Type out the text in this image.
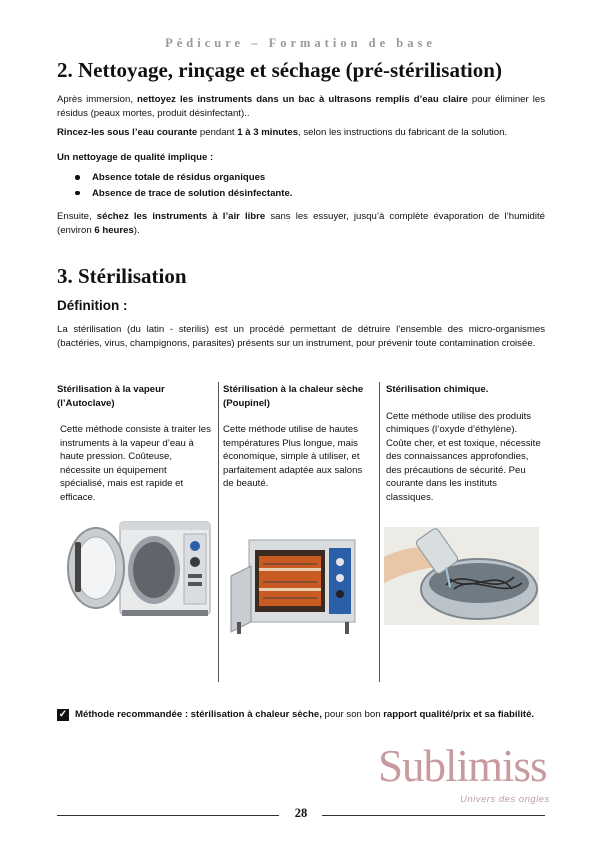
Pédicure – Formation de base
2. Nettoyage, rinçage et séchage (pré-stérilisation)

Après immersion, nettoyez les instruments dans un bac à ultrasons remplis d’eau claire pour éliminer les résidus (peaux mortes, produit désinfectant)..

Rincez-les sous l’eau courante pendant 1 à 3 minutes, selon les instructions du fabricant de la solution.

Un nettoyage de qualité implique :

Absence totale de résidus organiques
Absence de trace de solution désinfectante.

Ensuite, séchez les instruments à l’air libre sans les essuyer, jusqu’à complète évaporation de l’humidité (environ 6 heures).

3. Stérilisation
Définition :

La stérilisation (du latin - sterilis) est un procédé permettant de détruire l’ensemble des micro-organismes (bactéries, virus, champignons, parasites) présents sur un instrument, pour prévenir toute contamination croisée.

Stérilisation à la vapeur (l’Autoclave)
Cette méthode consiste à traiter les instruments à la vapeur d’eau à haute pression. Coûteuse, nécessite un équipement spécialisé, mais est rapide et efficace.
Stérilisation à la chaleur sèche (Poupinel)
Cette méthode utilise de hautes températures Plus longue, mais économique, simple à utiliser, et parfaitement adaptée aux salons de beauté.
Stérilisation chimique.
Cette méthode utilise des produits chimiques (l’oxyde d’éthylène). Coûte cher, et est toxique, nécessite des connaissances approfondies, des précautions de sécurité. Peu courante dans les instituts classiques.
✓ Méthode recommandée : stérilisation à chaleur sèche, pour son bon rapport qualité/prix et sa fiabilité.
Sublimiss
Univers des ongles
28
